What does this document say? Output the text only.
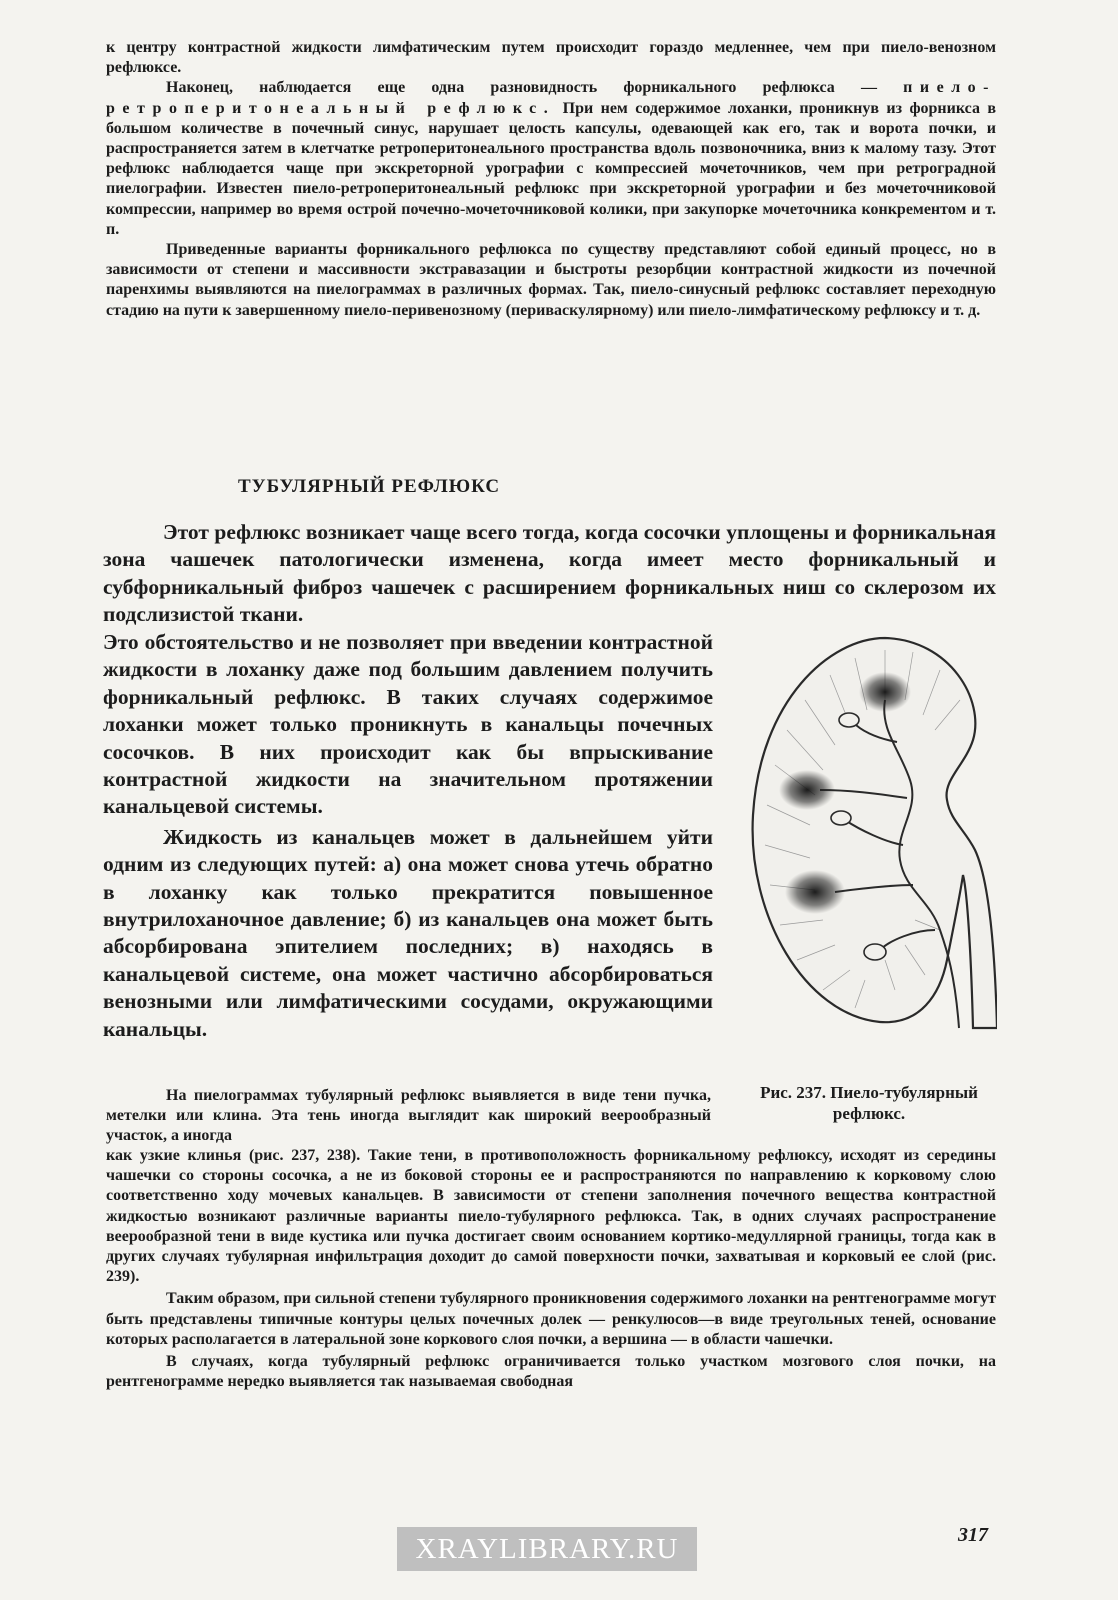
к центру контрастной жидкости лимфатическим путем происходит гораздо медленнее, чем при пиело-венозном рефлюксе.

Наконец, наблюдается еще одна разновидность форникального рефлюкса — пиело-ретроперитонеальный рефлюкс. При нем содержимое лоханки, проникнув из форникса в большом количестве в почечный синус, нарушает целость капсулы, одевающей как его, так и ворота почки, и распространяется затем в клетчатке ретроперитонеального пространства вдоль позвоночника, вниз к малому тазу. Этот рефлюкс наблюдается чаще при экскреторной урографии с компрессией мочеточников, чем при ретроградной пиелографии. Известен пиело-ретроперитонеальный рефлюкс при экскреторной урографии и без мочеточниковой компрессии, например во время острой почечно-мочеточниковой колики, при закупорке мочеточника конкрементом и т. п.

Приведенные варианты форникального рефлюкса по существу представляют собой единый процесс, но в зависимости от степени и массивности экстравазации и быстроты резорбции контрастной жидкости из почечной паренхимы выявляются на пиелограммах в различных формах. Так, пиело-синусный рефлюкс составляет переходную стадию на пути к завершенному пиело-перивенозному (периваскулярному) или пиело-лимфатическому рефлюксу и т. д.

ТУБУЛЯРНЫЙ РЕФЛЮКС

Этот рефлюкс возникает чаще всего тогда, когда сосочки уплощены и форникальная зона чашечек патологически изменена, когда имеет место форникальный и субфорникальный фиброз чашечек с расширением форникальных ниш со склерозом их подслизистой ткани.

Это обстоятельство и не позволяет при введении контрастной жидкости в лоханку даже под большим давлением получить форникальный рефлюкс. В таких случаях содержимое лоханки может только проникнуть в канальцы почечных сосочков. В них происходит как бы впрыскивание контрастной жидкости на значительном протяжении канальцевой системы.

Жидкость из канальцев может в дальнейшем уйти одним из следующих путей: а) она может снова утечь обратно в лоханку как только прекратится повышенное внутрилоханочное давление; б) из канальцев она может быть абсорбирована эпителием последних; в) находясь в канальцевой системе, она может частично абсорбироваться венозными или лимфатическими сосудами, окружающими канальцы.

Рис. 237. Пиело-тубулярный рефлюкс.

На пиелограммах тубулярный рефлюкс выявляется в виде тени пучка, метелки или клина. Эта тень иногда выглядит как широкий веерообразный участок, а иногда

как узкие клинья (рис. 237, 238). Такие тени, в противоположность форникальному рефлюксу, исходят из середины чашечки со стороны сосочка, а не из боковой стороны ее и распространяются по направлению к корковому слою соответственно ходу мочевых канальцев. В зависимости от степени заполнения почечного вещества контрастной жидкостью возникают различные варианты пиело-тубулярного рефлюкса. Так, в одних случаях распространение веерообразной тени в виде кустика или пучка достигает своим основанием кортико-медуллярной границы, тогда как в других случаях тубулярная инфильтрация доходит до самой поверхности почки, захватывая и корковый ее слой (рис. 239).

Таким образом, при сильной степени тубулярного проникновения содержимого лоханки на рентгенограмме могут быть представлены типичные контуры целых почечных долек — ренкулюсов—в виде треугольных теней, основание которых располагается в латеральной зоне коркового слоя почки, а вершина — в области чашечки.

В случаях, когда тубулярный рефлюкс ограничивается только участком мозгового слоя почки, на рентгенограмме нередко выявляется так называемая свободная

317
XRAYLIBRARY.RU
